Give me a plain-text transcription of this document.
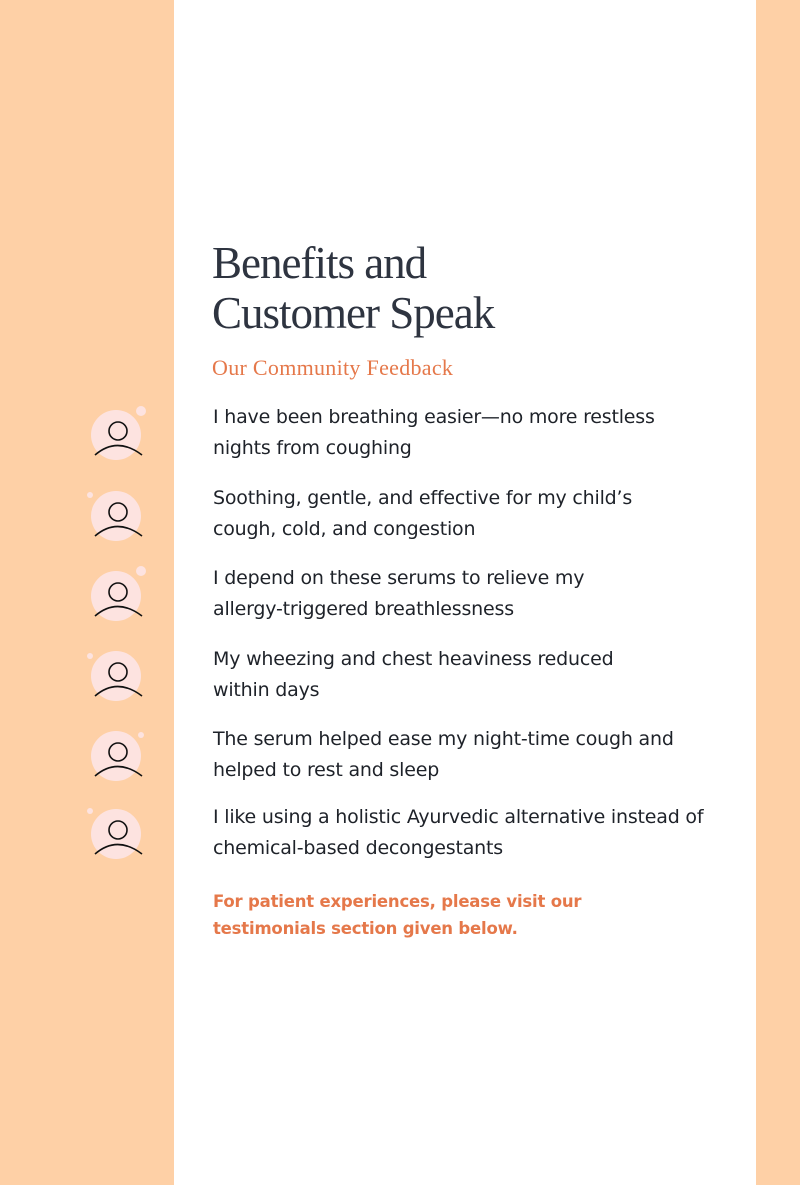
Benefits and
Customer Speak

Our Community Feedback

I have been breathing easier—no more restless nights from coughing

Soothing, gentle, and effective for my child’s cough, cold, and congestion

I depend on these serums to relieve my allergy-triggered breathlessness

My wheezing and chest heaviness reduced within days

The serum helped ease my night-time cough and helped to rest and sleep

I like using a holistic Ayurvedic alternative instead of chemical-based decongestants

For patient experiences, please visit our testimonials section given below.
